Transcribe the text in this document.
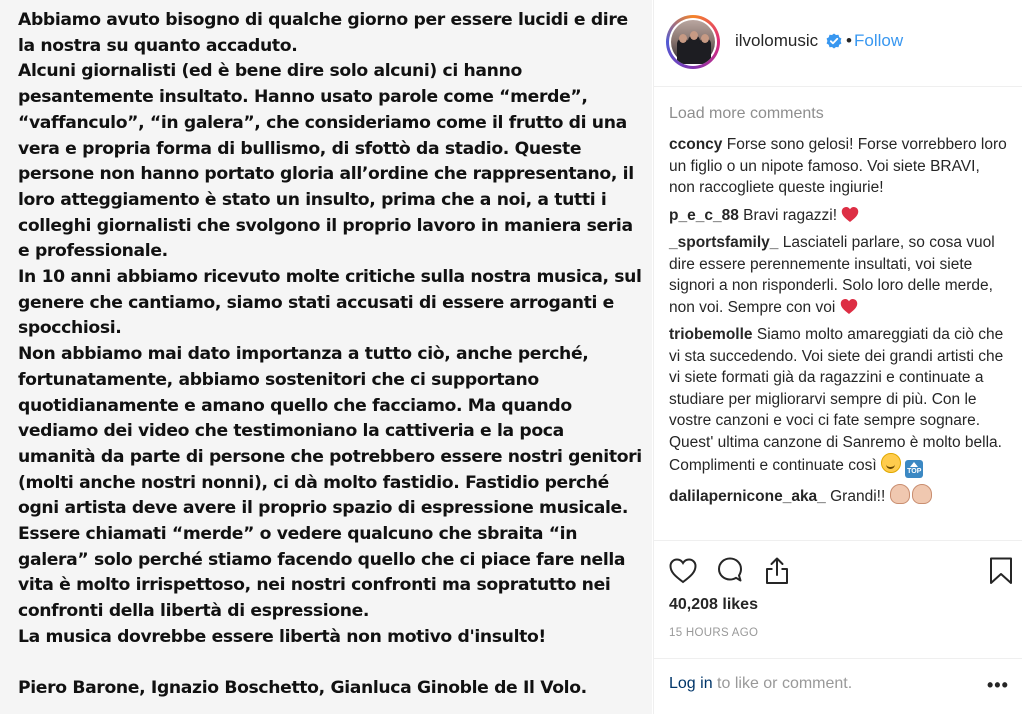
Abbiamo avuto bisogno di qualche giorno per essere lucidi e dire
la nostra su quanto accaduto.
Alcuni giornalisti (ed è bene dire solo alcuni) ci hanno
pesantemente insultato. Hanno usato parole come “merde”,
“vaffanculo”, “in galera”, che consideriamo come il frutto di una
vera e propria forma di bullismo, di sfottò da stadio. Queste
persone non hanno portato gloria all’ordine che rappresentano, il
loro atteggiamento è stato un insulto, prima che a noi, a tutti i
colleghi giornalisti che svolgono il proprio lavoro in maniera seria
e professionale.
In 10 anni abbiamo ricevuto molte critiche sulla nostra musica, sul
genere che cantiamo, siamo stati accusati di essere arroganti e
spocchiosi.
Non abbiamo mai dato importanza a tutto ciò, anche perché,
fortunatamente, abbiamo sostenitori che ci supportano
quotidianamente e amano quello che facciamo. Ma quando
vediamo dei video che testimoniano la cattiveria e la poca
umanità da parte di persone che potrebbero essere nostri genitori
(molti anche nostri nonni), ci dà molto fastidio. Fastidio perché
ogni artista deve avere il proprio spazio di espressione musicale.
Essere chiamati “merde” o vedere qualcuno che sbraita “in
galera” solo perché stiamo facendo quello che ci piace fare nella
vita è molto irrispettoso, nei nostri confronti ma sopratutto nei
confronti della libertà di espressione.
La musica dovrebbe essere libertà non motivo d'insulto!
Piero Barone, Ignazio Boschetto, Gianluca Ginoble de Il Volo.
ilvolomusic • Follow
Load more comments
cconcy Forse sono gelosi! Forse vorrebbero loro un figlio o un nipote famoso. Voi siete BRAVI, non raccogliete queste ingiurie!
p_e_c_88 Bravi ragazzi!
_sportsfamily_ Lasciateli parlare, so cosa vuol dire essere perennemente insultati, voi siete signori a non risponderli. Solo loro delle merde, non voi. Sempre con voi
triobemolle Siamo molto amareggiati da ciò che vi sta succedendo. Voi siete dei grandi artisti che vi siete formati già da ragazzini e continuate a studiare per migliorarvi sempre di più. Con le vostre canzoni e voci ci fate sempre sognare. Quest' ultima canzone di Sanremo è molto bella. Complimenti e continuate così	TOP
dalilapernicone_aka_ Grandi!!
40,208 likes
15 HOURS AGO
Log in to like or comment.	•••
